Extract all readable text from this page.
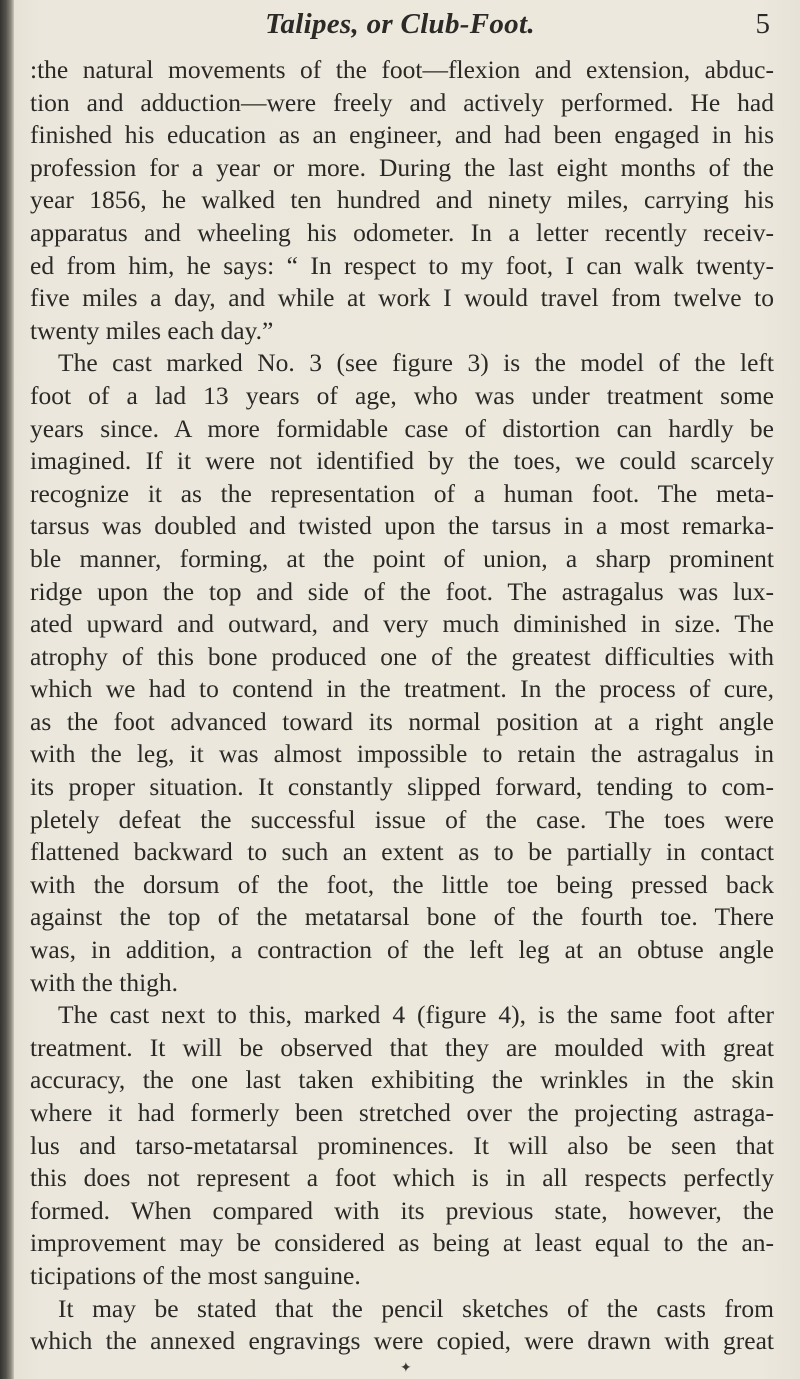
Talipes, or Club-Foot.	5
:the natural movements of the foot—flexion and extension, abduc-
tion and adduction—were freely and actively performed. He had
finished his education as an engineer, and had been engaged in his
profession for a year or more. During the last eight months of the
year 1856, he walked ten hundred and ninety miles, carrying his
apparatus and wheeling his odometer. In a letter recently receiv-
ed from him, he says: “ In respect to my foot, I can walk twenty-
five miles a day, and while at work I would travel from twelve to
twenty miles each day.”
The cast marked No. 3 (see figure 3) is the model of the left
foot of a lad 13 years of age, who was under treatment some
years since. A more formidable case of distortion can hardly be
imagined. If it were not identified by the toes, we could scarcely
recognize it as the representation of a human foot. The meta-
tarsus was doubled and twisted upon the tarsus in a most remarka-
ble manner, forming, at the point of union, a sharp prominent
ridge upon the top and side of the foot. The astragalus was lux-
ated upward and outward, and very much diminished in size. The
atrophy of this bone produced one of the greatest difficulties with
which we had to contend in the treatment. In the process of cure,
as the foot advanced toward its normal position at a right angle
with the leg, it was almost impossible to retain the astragalus in
its proper situation. It constantly slipped forward, tending to com-
pletely defeat the successful issue of the case. The toes were
flattened backward to such an extent as to be partially in contact
with the dorsum of the foot, the little toe being pressed back
against the top of the metatarsal bone of the fourth toe. There
was, in addition, a contraction of the left leg at an obtuse angle
with the thigh.
The cast next to this, marked 4 (figure 4), is the same foot after
treatment. It will be observed that they are moulded with great
accuracy, the one last taken exhibiting the wrinkles in the skin
where it had formerly been stretched over the projecting astraga-
lus and tarso-metatarsal prominences. It will also be seen that
this does not represent a foot which is in all respects perfectly
formed. When compared with its previous state, however, the
improvement may be considered as being at least equal to the an-
ticipations of the most sanguine.
It may be stated that the pencil sketches of the casts from
which the annexed engravings were copied, were drawn with great
✦
